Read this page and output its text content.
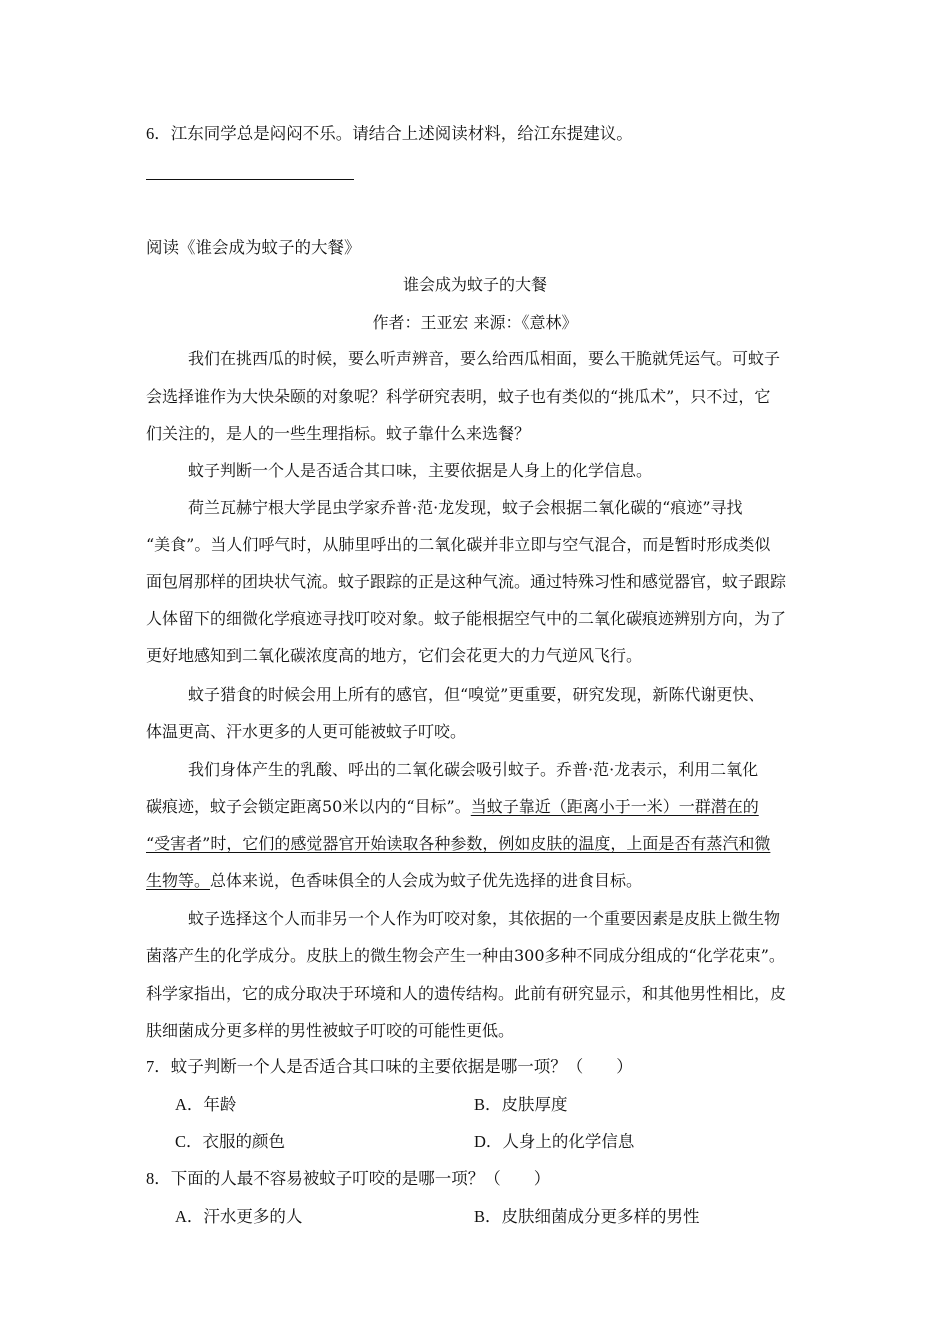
6．江东同学总是闷闷不乐。请结合上述阅读材料，给江东提建议。
阅读《谁会成为蚊子的大餐》
谁会成为蚊子的大餐
作者：王亚宏 来源：《意林》
我们在挑西瓜的时候，要么听声辨音，要么给西瓜相面，要么干脆就凭运气。可蚊子
会选择谁作为大快朵颐的对象呢？科学研究表明，蚊子也有类似的“挑瓜术”，只不过，它
们关注的，是人的一些生理指标。蚊子靠什么来选餐？
蚊子判断一个人是否适合其口味，主要依据是人身上的化学信息。
荷兰瓦赫宁根大学昆虫学家乔普·范·龙发现，蚊子会根据二氧化碳的“痕迹”寻找
“美食”。当人们呼气时，从肺里呼出的二氧化碳并非立即与空气混合，而是暂时形成类似
面包屑那样的团块状气流。蚊子跟踪的正是这种气流。通过特殊习性和感觉器官，蚊子跟踪
人体留下的细微化学痕迹寻找叮咬对象。蚊子能根据空气中的二氧化碳痕迹辨别方向，为了
更好地感知到二氧化碳浓度高的地方，它们会花更大的力气逆风飞行。
蚊子猎食的时候会用上所有的感官，但“嗅觉”更重要，研究发现，新陈代谢更快、
体温更高、汗水更多的人更可能被蚊子叮咬。
我们身体产生的乳酸、呼出的二氧化碳会吸引蚊子。乔普·范·龙表示，利用二氧化
碳痕迹，蚊子会锁定距离50米以内的“目标”。当蚊子靠近（距离小于一米）一群潜在的
“受害者”时，它们的感觉器官开始读取各种参数，例如皮肤的温度，上面是否有蒸汽和微
生物等。总体来说，色香味俱全的人会成为蚊子优先选择的进食目标。
蚊子选择这个人而非另一个人作为叮咬对象，其依据的一个重要因素是皮肤上微生物
菌落产生的化学成分。皮肤上的微生物会产生一种由300多种不同成分组成的“化学花束”。
科学家指出，它的成分取决于环境和人的遗传结构。此前有研究显示，和其他男性相比，皮
肤细菌成分更多样的男性被蚊子叮咬的可能性更低。
7．蚊子判断一个人是否适合其口味的主要依据是哪一项？（　　）
A．年龄	B．皮肤厚度
C．衣服的颜色	D．人身上的化学信息
8．下面的人最不容易被蚊子叮咬的是哪一项？（　　）
A．汗水更多的人	B．皮肤细菌成分更多样的男性
